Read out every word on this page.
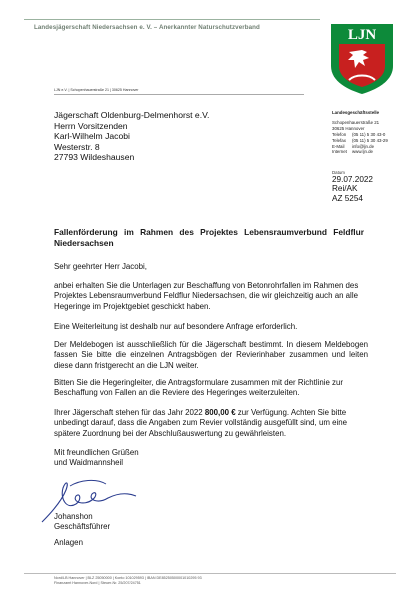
Landesjägerschaft Niedersachsen e. V. – Anerkannter Naturschutzverband	LJN
LJN e.V. | Schopenhauerstraße 21 | 30625 Hannover
Jägerschaft Oldenburg-Delmenhorst e.V.
Herrn Vorsitzenden
Karl-Wilhelm Jacobi
Westerstr. 8
27793 Wildeshausen
Landesgeschäftsstelle
Schopenhauerstraße 21
30625 Hannover
Telefon	(05 11) 5 30 43-0
Telefax	(05 11) 5 30 43-29
E-Mail	info@ljn.de
Internet	www.ljn.de
Datum
29.07.2022
Rei/AK
AZ 5254
Fallenförderung im Rahmen des Projektes Lebensraumverbund Feldflur Niedersachsen
Sehr geehrter Herr Jacobi,
anbei erhalten Sie die Unterlagen zur Beschaffung von Betonrohrfallen im Rahmen des Projektes Lebensraumverbund Feldflur Niedersachsen, die wir gleichzeitig auch an alle Hegeringe im Projektgebiet geschickt haben.
Eine Weiterleitung ist deshalb nur auf besondere Anfrage erforderlich.
Der Meldebogen ist ausschließlich für die Jägerschaft bestimmt. In diesem Meldebogen fassen Sie bitte die einzelnen Antragsbögen der Revierinhaber zusammen und leiten diese dann fristgerecht an die LJN weiter.
Bitten Sie die Hegeringleiter, die Antragsformulare zusammen mit der Richtlinie zur Beschaffung von Fallen an die Reviere des Hegeringes weiterzuleiten.
Ihrer Jägerschaft stehen für das Jahr 2022 800,00 € zur Verfügung. Achten Sie bitte unbedingt darauf, dass die Angaben zum Revier vollständig ausgefüllt sind, um eine spätere Zuordnung bei der Abschlußauswertung zu gewährleisten.
Mit freundlichen Grüßen
und Waidmannsheil
Johanshon
Geschäftsführer
Anlagen
Nord/LB Hannover | BLZ 25050000 | Konto 101029593 | IBAN DE85250500001010295 93
Finanzamt Hannover-Nord | Steuer-Nr. 25/207/24751
